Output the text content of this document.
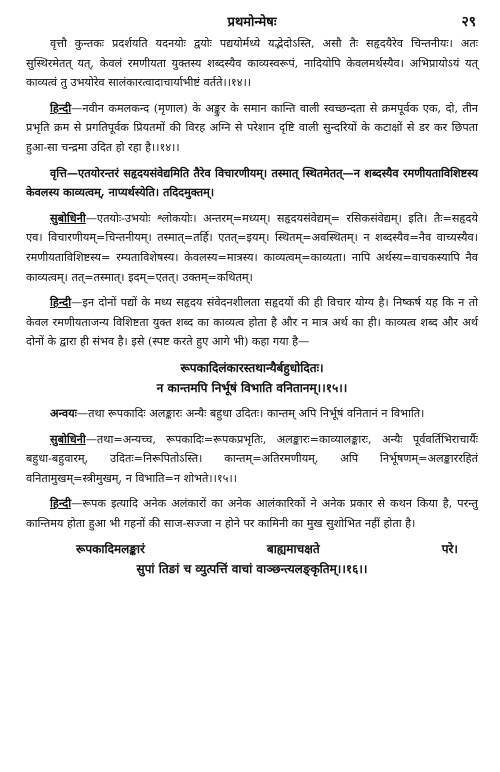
प्रथमोन्मेषः	२९

वृत्तौ कुन्तकः प्रदर्शयति यदनयोः द्वयोः पद्ययोर्मध्ये यद्भेदोऽस्ति, असौ तैः सहृदयैरेव चिन्तनीयः। अतः सुस्थिरमेतत् यत्, केवलं रमणीयता युक्तस्य शब्दस्यैव काव्यस्वरूपं, नादियोपि केवलमर्थस्यैव। अभिप्रायोऽयं यत् काव्यत्वं तु उभयोरेव सालंकारत्वादाचार्याभीष्टं वर्तते।।१४।।

हिन्दी—नवीन कमलकन्द (मृणाल) के अङ्कुर के समान कान्ति वाली स्वच्छन्दता से क्रमपूर्वक एक, दो, तीन प्रभृति क्रम से प्रगतिपूर्वक प्रियतमों की विरह अग्नि से परेशान दृष्टि वाली सुन्दरियों के कटाक्षों से डर कर छिपता हुआ-सा चन्द्रमा उदित हो रहा है।।१४।।

वृत्ति—एतयोरन्तरं सहृदयसंवेद्यमिति तैरेव विचारणीयम्। तस्मात् स्थितमेतत्—न शब्दस्यैव रमणीयताविशिष्टस्य केवलस्य काव्यत्वम्, नाप्यर्थस्येति। तदिदमुक्तम्।

सुबोधिनी—एतयोः-उभयोः श्लोकयोः। अन्तरम्=मध्यम्। सहृदयसंवेद्यम्= रसिकसंवेद्यम्। इति। तैः=सहृदये एव। विचारणीयम्=चिन्तनीयम्। तस्मात्=तर्हि। एतत्=इयम्। स्थितम्=अवस्थितम्। न शब्दस्यैव=नैव वाच्यस्यैव। रमणीयताविशिष्टस्य= रम्यताविशेषस्य। केवलस्य=मात्रस्य। काव्यत्वम्=काव्यता। नापि अर्थस्य=वाचकस्यापि नैव काव्यत्वम्। तत्=तस्मात्। इदम्=एतत्। उक्तम्=कथितम्।

हिन्दी—इन दोनों पद्यों के मध्य सहृदय संवेदनशीलता सहृदयों की ही विचार योग्य है। निष्कर्ष यह कि न तो केवल रमणीयताजन्य विशिष्टता युक्त शब्द का काव्यत्व होता है और न मात्र अर्थ का ही। काव्यत्व शब्द और अर्थ दोनों के द्वारा ही संभव है। इसे (स्पष्ट करते हुए आगे भी) कहा गया है—

रूपकादिलंकारस्तथान्यैर्बहुधोदितः।

न कान्तमपि निर्भूषं विभाति वनितानम्।।१५।।

अन्वयः—तथा रूपकादिः अलङ्कारः अन्यैः बहुधा उदितः। कान्तम् अपि निर्भूषं वनितानं न विभाति।

सुबोधिनी—तथा=अन्यच्च, रूपकादिः=रूपकप्रभृतिः, अलङ्कारः=काव्यालङ्कारः, अन्यैः पूर्ववर्तिभिराचार्यैः बहुधा-बहुवारम्, उदितः=निरूपितोऽस्ति। कान्तम्=अतिरमणीयम्, अपि निर्भूषणम्=अलङ्काररहितं वनितामुखम्=स्त्रीमुखम्, न विभाति=न शोभते।।१५।।

हिन्दी—रूपक इत्यादि अनेक अलंकारों का अनेक आलंकारिकों ने अनेक प्रकार से कथन किया है, परन्तु कान्तिमय होता हुआ भी गहनों की साज-सज्जा न होने पर कामिनी का मुख सुशोभित नहीं होता है।

रूपकादिमलङ्कारं	बाह्यमाचक्षते	परे।
सुपां तिङां च व्युत्पत्तिं वाचां वाञ्छन्त्यलङ्कृतिम्।।१६।।
